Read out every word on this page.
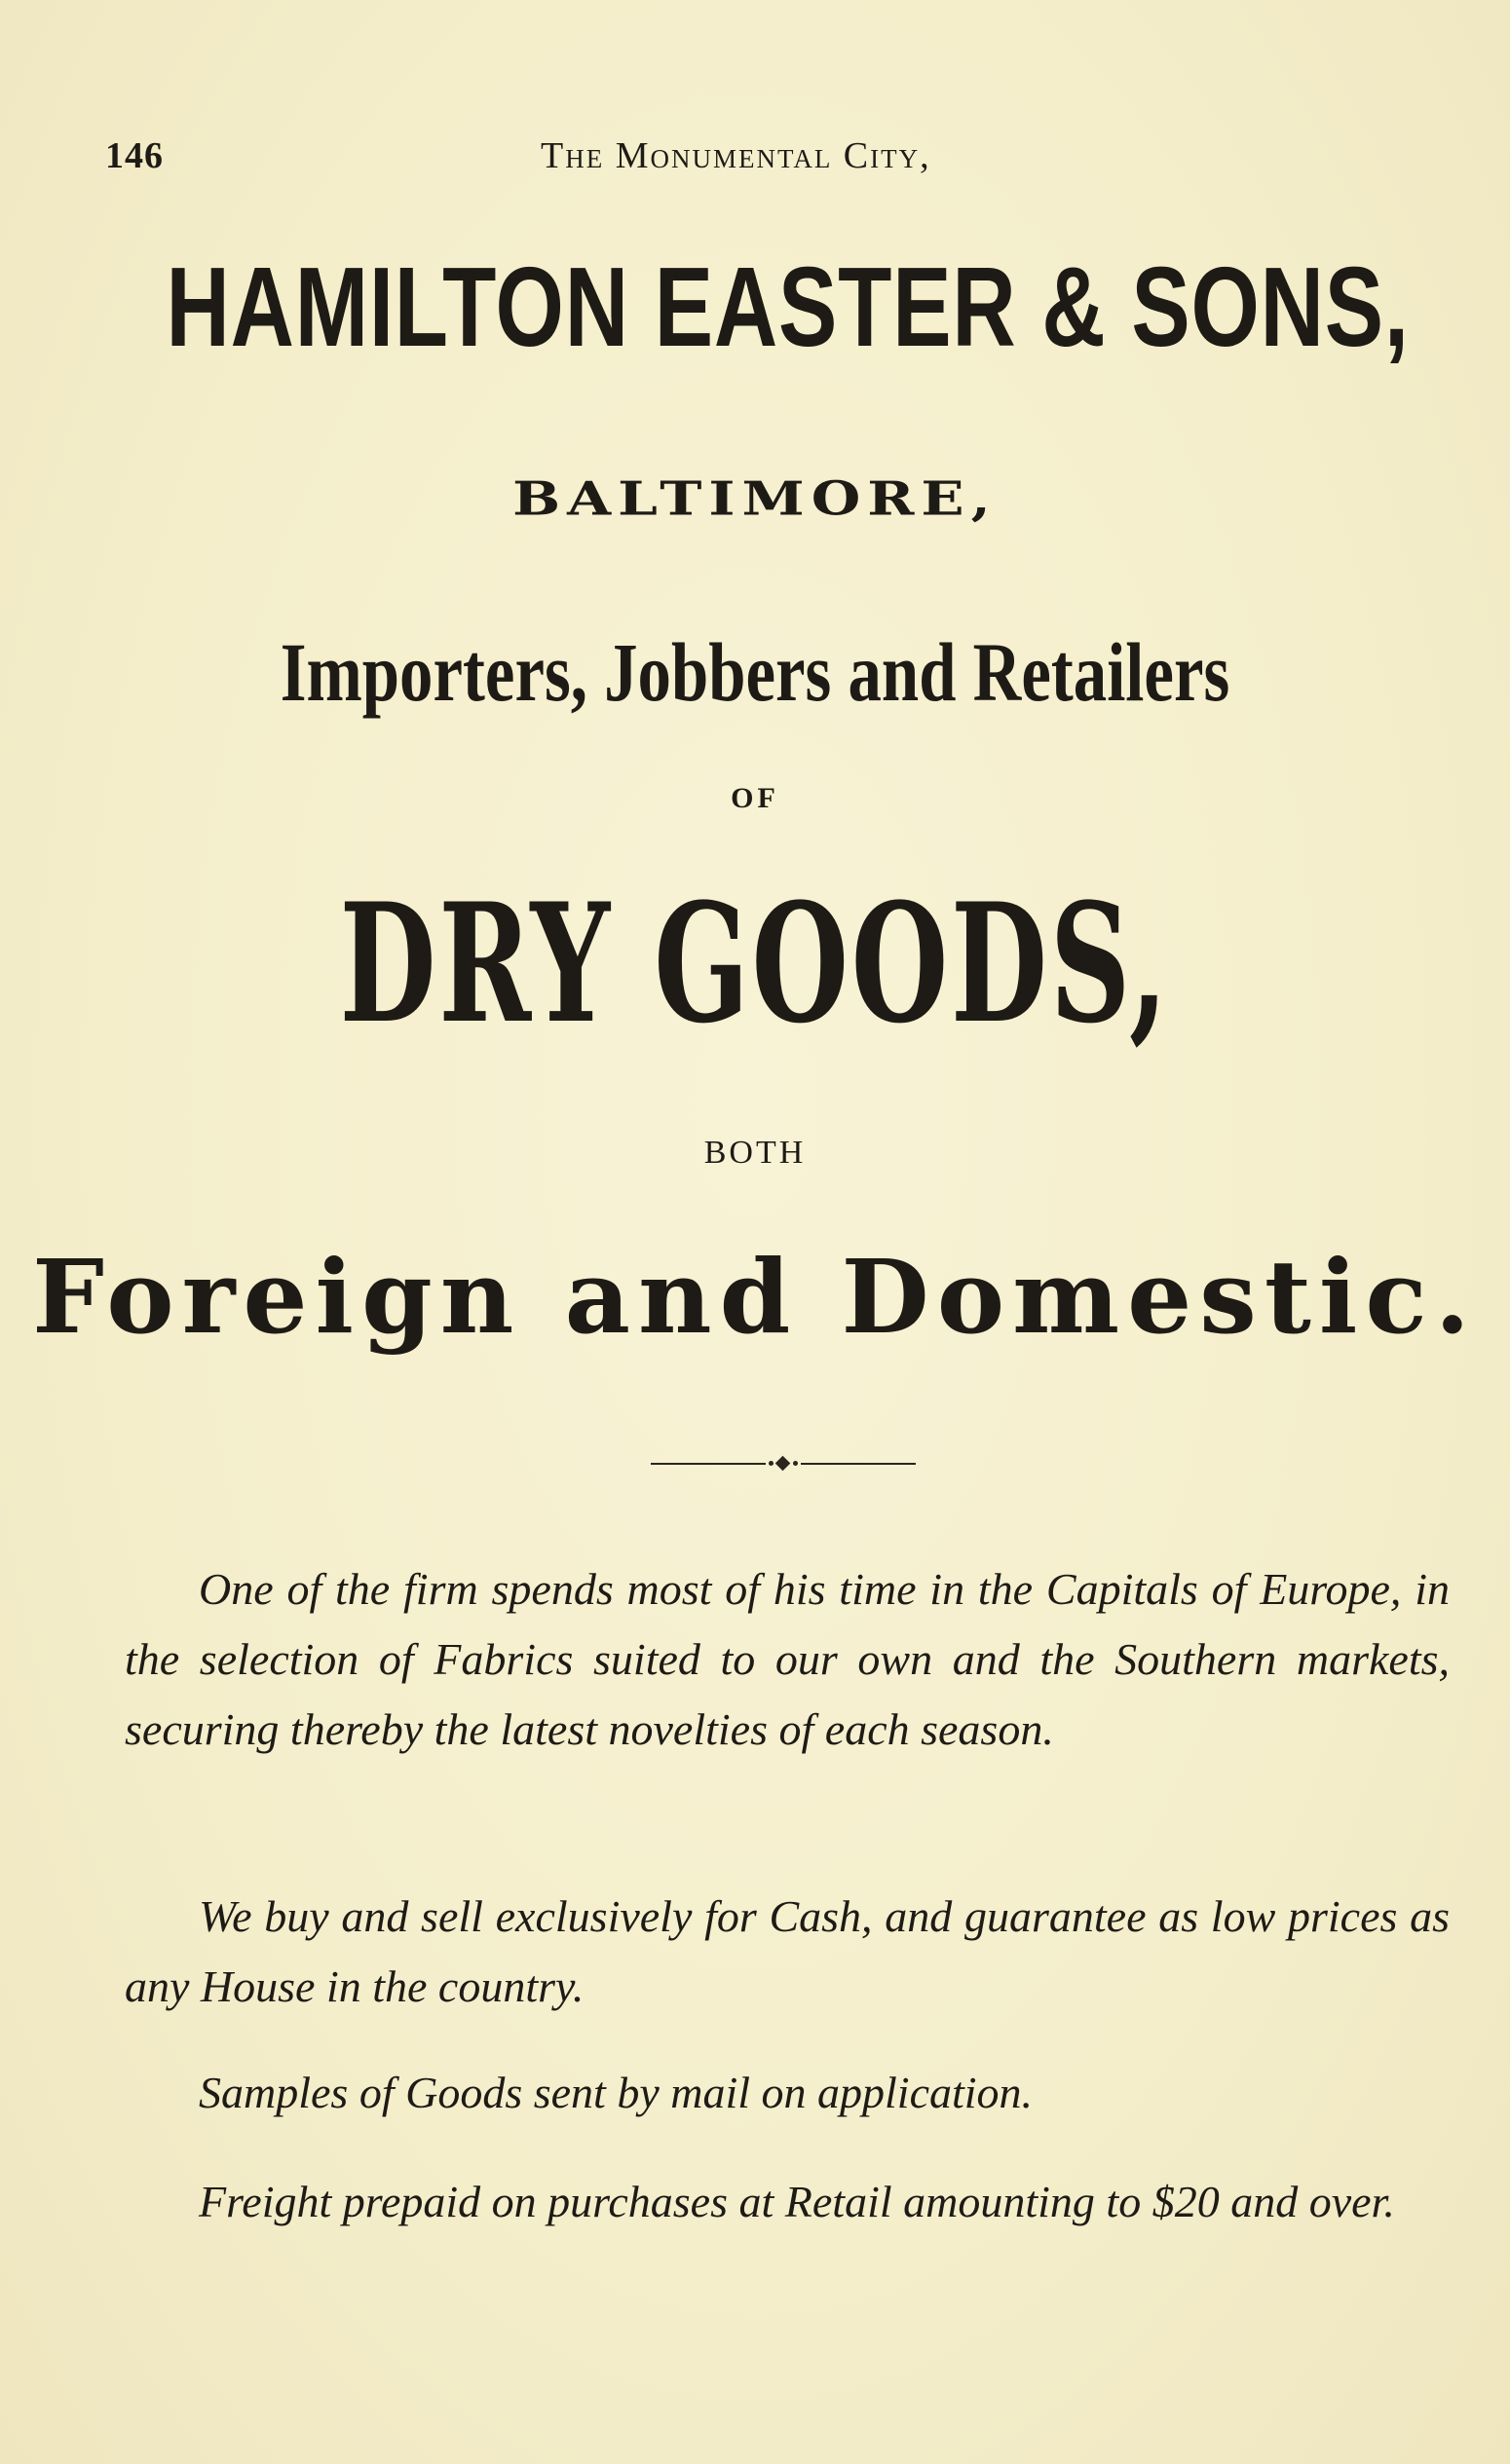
146	The Monumental City,
HAMILTON EASTER & SONS,
BALTIMORE,
Importers, Jobbers and Retailers
OF
DRY GOODS,
BOTH
Foreign and Domestic.

One of the firm spends most of his time in the Capitals of Europe, in the selection of Fabrics suited to our own and the Southern markets, securing thereby the latest novelties of each season.

We buy and sell exclusively for Cash, and guarantee as low prices as any House in the country.

Samples of Goods sent by mail on application.

Freight prepaid on purchases at Retail amounting to $20 and over.
